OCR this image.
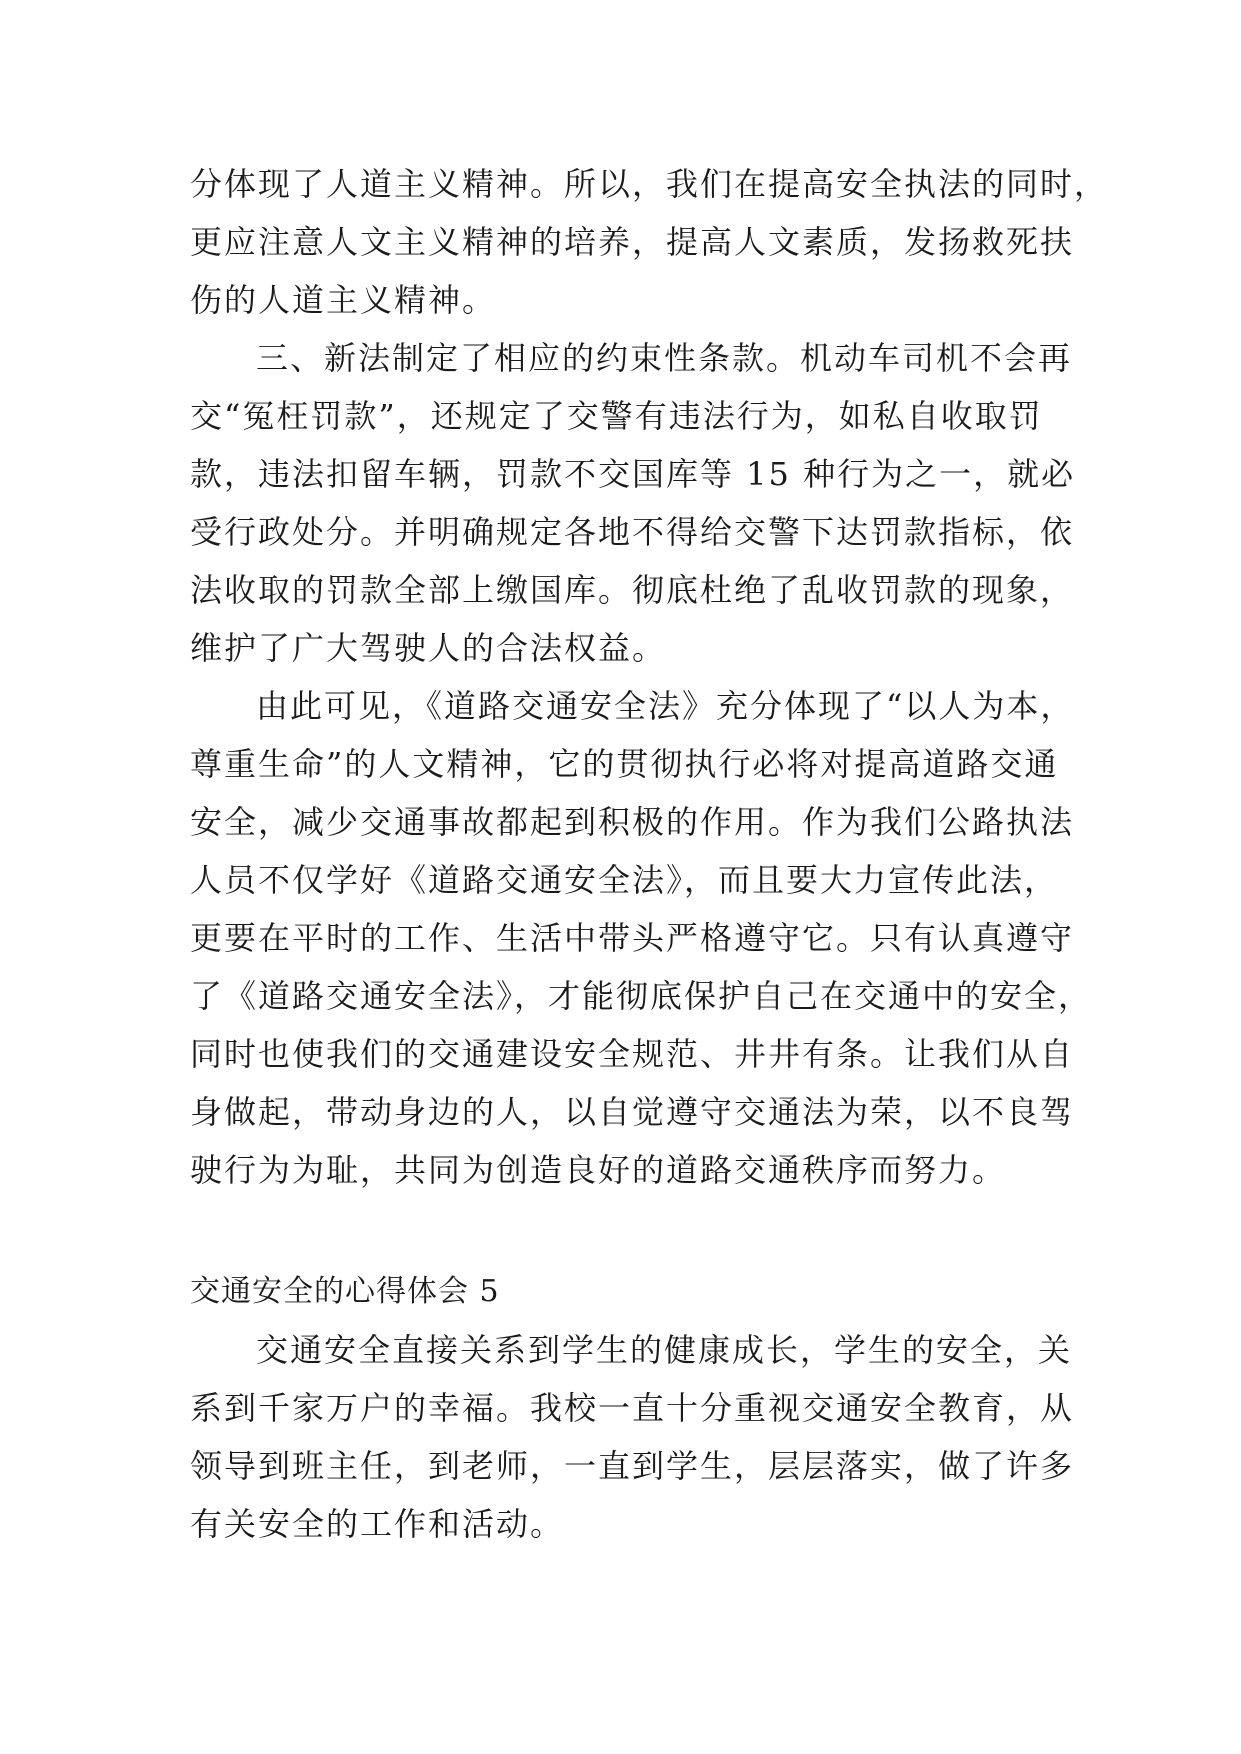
分体现了人道主义精神。所以，我们在提高安全执法的同时，
更应注意人文主义精神的培养，提高人文素质，发扬救死扶
伤的人道主义精神。
三、新法制定了相应的约束性条款。机动车司机不会再
交“冤枉罚款”，还规定了交警有违法行为，如私自收取罚
款，违法扣留车辆，罚款不交国库等 15 种行为之一，就必
受行政处分。并明确规定各地不得给交警下达罚款指标，依
法收取的罚款全部上缴国库。彻底杜绝了乱收罚款的现象，
维护了广大驾驶人的合法权益。
由此可见，《道路交通安全法》充分体现了“以人为本，
尊重生命”的人文精神，它的贯彻执行必将对提高道路交通
安全，减少交通事故都起到积极的作用。作为我们公路执法
人员不仅学好《道路交通安全法》，而且要大力宣传此法，
更要在平时的工作、生活中带头严格遵守它。只有认真遵守
了《道路交通安全法》，才能彻底保护自己在交通中的安全，
同时也使我们的交通建设安全规范、井井有条。让我们从自
身做起，带动身边的人，以自觉遵守交通法为荣，以不良驾
驶行为为耻，共同为创造良好的道路交通秩序而努力。
交通安全的心得体会 5
交通安全直接关系到学生的健康成长，学生的安全，关
系到千家万户的幸福。我校一直十分重视交通安全教育，从
领导到班主任，到老师，一直到学生，层层落实，做了许多
有关安全的工作和活动。
